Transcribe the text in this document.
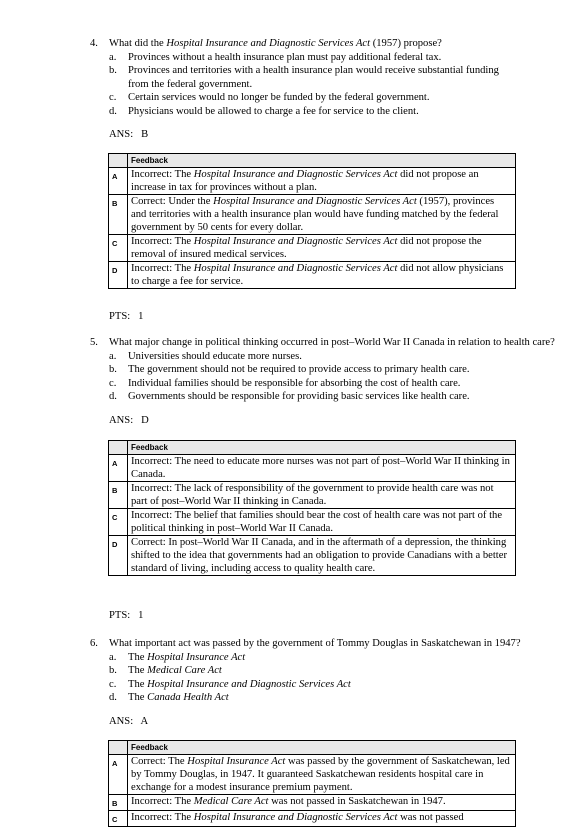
4.	What did the Hospital Insurance and Diagnostic Services Act (1957) propose?
a.	Provinces without a health insurance plan must pay additional federal tax.
b.	Provinces and territories with a health insurance plan would receive substantial funding from the federal government.
c.	Certain services would no longer be funded by the federal government.
d.	Physicians would be allowed to charge a fee for service to the client.
ANS: B
	Feedback
A	Incorrect: The Hospital Insurance and Diagnostic Services Act did not propose an increase in tax for provinces without a plan.
B	Correct: Under the Hospital Insurance and Diagnostic Services Act (1957), provinces and territories with a health insurance plan would have funding matched by the federal government by 50 cents for every dollar.
C	Incorrect: The Hospital Insurance and Diagnostic Services Act did not propose the removal of insured medical services.
D	Incorrect: The Hospital Insurance and Diagnostic Services Act did not allow physicians to charge a fee for service.
PTS: 1
5.	What major change in political thinking occurred in post–World War II Canada in relation to health care?
a.	Universities should educate more nurses.
b.	The government should not be required to provide access to primary health care.
c.	Individual families should be responsible for absorbing the cost of health care.
d.	Governments should be responsible for providing basic services like health care.
ANS: D
	Feedback
A	Incorrect: The need to educate more nurses was not part of post–World War II thinking in Canada.
B	Incorrect: The lack of responsibility of the government to provide health care was not part of post–World War II thinking in Canada.
C	Incorrect: The belief that families should bear the cost of health care was not part of the political thinking in post–World War II Canada.
D	Correct: In post–World War II Canada, and in the aftermath of a depression, the thinking shifted to the idea that governments had an obligation to provide Canadians with a better standard of living, including access to quality health care.
PTS: 1
6.	What important act was passed by the government of Tommy Douglas in Saskatchewan in 1947?
a.	The Hospital Insurance Act
b.	The Medical Care Act
c.	The Hospital Insurance and Diagnostic Services Act
d.	The Canada Health Act
ANS: A
	Feedback
A	Correct: The Hospital Insurance Act was passed by the government of Saskatchewan, led by Tommy Douglas, in 1947. It guaranteed Saskatchewan residents hospital care in exchange for a modest insurance premium payment.
B	Incorrect: The Medical Care Act was not passed in Saskatchewan in 1947.
C	Incorrect: The Hospital Insurance and Diagnostic Services Act was not passed
